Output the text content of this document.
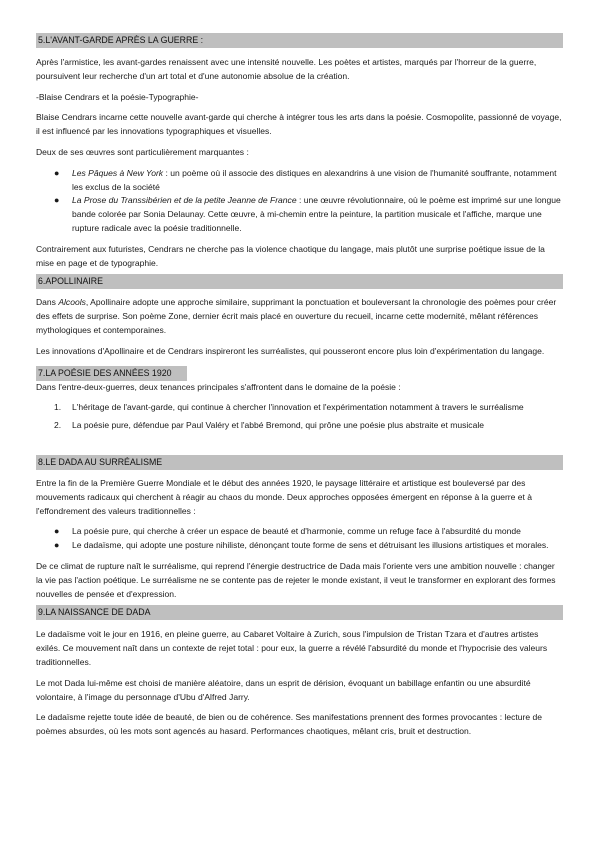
5.L'AVANT-GARDE APRÈS LA GUERRE :

Après l'armistice, les avant-gardes renaissent avec une intensité nouvelle. Les poètes et artistes, marqués par l'horreur de la guerre, poursuivent leur recherche d'un art total et d'une autonomie absolue de la création.

-Blaise Cendrars et la poésie-Typographie-

Blaise Cendrars incarne cette nouvelle avant-garde qui cherche à intégrer tous les arts dans la poésie. Cosmopolite, passionné de voyage, il est influencé par les innovations typographiques et visuelles.

Deux de ses œuvres sont particulièrement marquantes :

● Les Pâques à New York : un poème où il associe des distiques en alexandrins à une vision de l'humanité souffrante, notamment les exclus de la société
● La Prose du Transsibérien et de la petite Jeanne de France : une œuvre révolutionnaire, où le poème est imprimé sur une longue bande colorée par Sonia Delaunay. Cette œuvre, à mi-chemin entre la peinture, la partition musicale et l'affiche, marque une rupture radicale avec la poésie traditionnelle.

Contrairement aux futuristes, Cendrars ne cherche pas la violence chaotique du langage, mais plutôt une surprise poétique issue de la mise en page et de typographie.

6.APOLLINAIRE

Dans Alcools, Apollinaire adopte une approche similaire, supprimant la ponctuation et bouleversant la chronologie des poèmes pour créer des effets de surprise. Son poème Zone, dernier écrit mais placé en ouverture du recueil, incarne cette modernité, mêlant références mythologiques et contemporaines.

Les innovations d'Apollinaire et de Cendrars inspireront les surréalistes, qui pousseront encore plus loin d'expérimentation du langage.

7.LA POÉSIE DES ANNÉES 1920

Dans l'entre-deux-guerres, deux tenances principales s'affrontent dans le domaine de la poésie :

1. L'héritage de l'avant-garde, qui continue à chercher l'innovation et l'expérimentation notamment à travers le surréalisme
2. La poésie pure, défendue par Paul Valéry et l'abbé Bremond, qui prône une poésie plus abstraite et musicale
8.LE DADA AU SURRÉALISME

Entre la fin de la Première Guerre Mondiale et le début des années 1920, le paysage littéraire et artistique est bouleversé par des mouvements radicaux qui cherchent à réagir au chaos du monde. Deux approches opposées émergent en réponse à la guerre et à l'effondrement des valeurs traditionnelles :

● La poésie pure, qui cherche à créer un espace de beauté et d'harmonie, comme un refuge face à l'absurdité du monde
● Le dadaïsme, qui adopte une posture nihiliste, dénonçant toute forme de sens et détruisant les illusions artistiques et morales.

De ce climat de rupture naît le surréalisme, qui reprend l'énergie destructrice de Dada mais l'oriente vers une ambition nouvelle : changer la vie pas l'action poétique. Le surréalisme ne se contente pas de rejeter le monde existant, il veut le transformer en explorant des formes nouvelles de pensée et d'expression.

9.LA NAISSANCE DE DADA

Le dadaïsme voit le jour en 1916, en pleine guerre, au Cabaret Voltaire à Zurich, sous l'impulsion de Tristan Tzara et d'autres artistes exilés. Ce mouvement naît dans un contexte de rejet total : pour eux, la guerre a révélé l'absurdité du monde et l'hypocrisie des valeurs traditionnelles.

Le mot Dada lui-même est choisi de manière aléatoire, dans un esprit de dérision, évoquant un babillage enfantin ou une absurdité volontaire, à l'image du personnage d'Ubu d'Alfred Jarry.

Le dadaïsme rejette toute idée de beauté, de bien ou de cohérence. Ses manifestations prennent des formes provocantes : lecture de poèmes absurdes, où les mots sont agencés au hasard. Performances chaotiques, mêlant cris, bruit et destruction.
